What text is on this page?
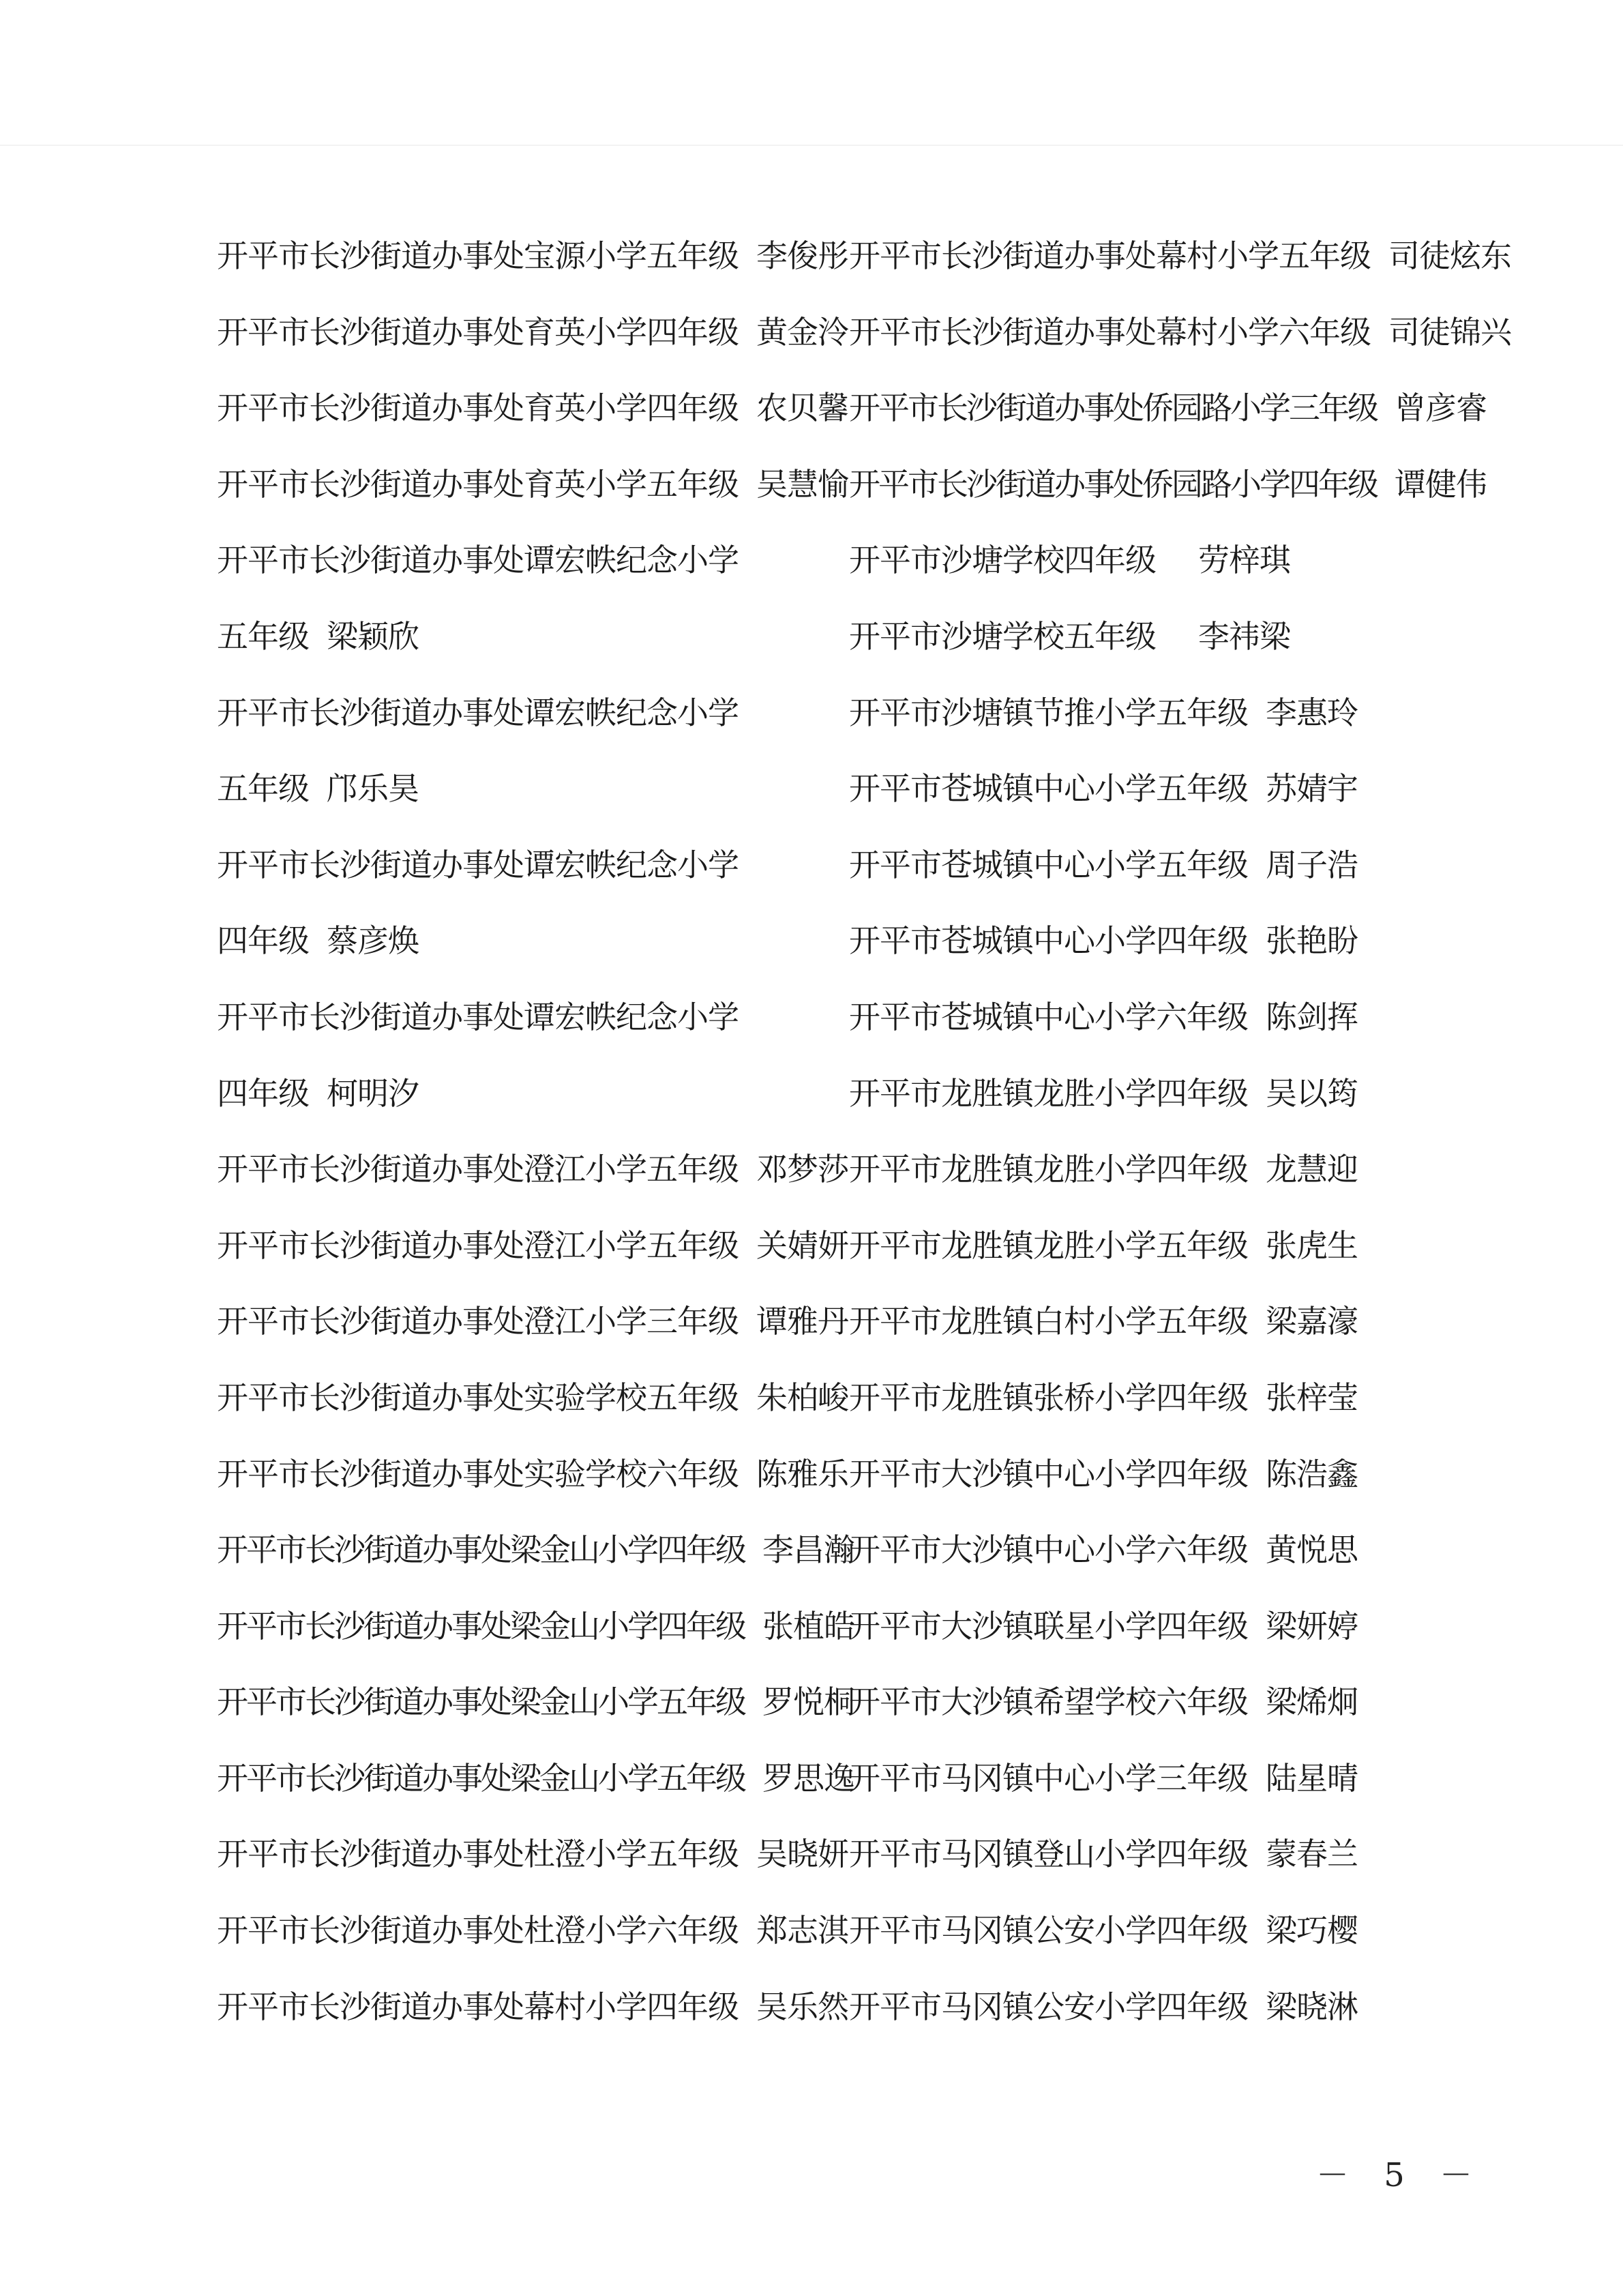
开平市长沙街道办事处宝源小学五年级 李俊彤
开平市长沙街道办事处育英小学四年级 黄金泠
开平市长沙街道办事处育英小学四年级 农贝馨
开平市长沙街道办事处育英小学五年级 吴慧愉
开平市长沙街道办事处谭宏帙纪念小学
五年级 梁颖欣
开平市长沙街道办事处谭宏帙纪念小学
五年级 邝乐昊
开平市长沙街道办事处谭宏帙纪念小学
四年级 蔡彦焕
开平市长沙街道办事处谭宏帙纪念小学
四年级 柯明汐
开平市长沙街道办事处澄江小学五年级 邓梦莎
开平市长沙街道办事处澄江小学五年级 关婧妍
开平市长沙街道办事处澄江小学三年级 谭雅丹
开平市长沙街道办事处实验学校五年级 朱柏峻
开平市长沙街道办事处实验学校六年级 陈雅乐
开平市长沙街道办事处梁金山小学四年级 李昌瀚
开平市长沙街道办事处梁金山小学四年级 张植皓
开平市长沙街道办事处梁金山小学五年级 罗悦桐
开平市长沙街道办事处梁金山小学五年级 罗思逸
开平市长沙街道办事处杜澄小学五年级 吴晓妍
开平市长沙街道办事处杜澄小学六年级 郑志淇
开平市长沙街道办事处幕村小学四年级 吴乐然
开平市长沙街道办事处幕村小学五年级 司徒炫东
开平市长沙街道办事处幕村小学六年级 司徒锦兴
开平市长沙街道办事处侨园路小学三年级 曾彦睿
开平市长沙街道办事处侨园路小学四年级 谭健伟
开平市沙塘学校四年级 劳梓琪
开平市沙塘学校五年级 李祎梁
开平市沙塘镇节推小学五年级 李惠玲
开平市苍城镇中心小学五年级 苏婧宇
开平市苍城镇中心小学五年级 周子浩
开平市苍城镇中心小学四年级 张艳盼
开平市苍城镇中心小学六年级 陈剑挥
开平市龙胜镇龙胜小学四年级 吴以筠
开平市龙胜镇龙胜小学四年级 龙慧迎
开平市龙胜镇龙胜小学五年级 张虎生
开平市龙胜镇白村小学五年级 梁嘉濠
开平市龙胜镇张桥小学四年级 张梓莹
开平市大沙镇中心小学四年级 陈浩鑫
开平市大沙镇中心小学六年级 黄悦思
开平市大沙镇联星小学四年级 梁妍婷
开平市大沙镇希望学校六年级 梁烯炯
开平市马冈镇中心小学三年级 陆星晴
开平市马冈镇登山小学四年级 蒙春兰
开平市马冈镇公安小学四年级 梁巧樱
开平市马冈镇公安小学四年级 梁晓淋
－ 5 －
